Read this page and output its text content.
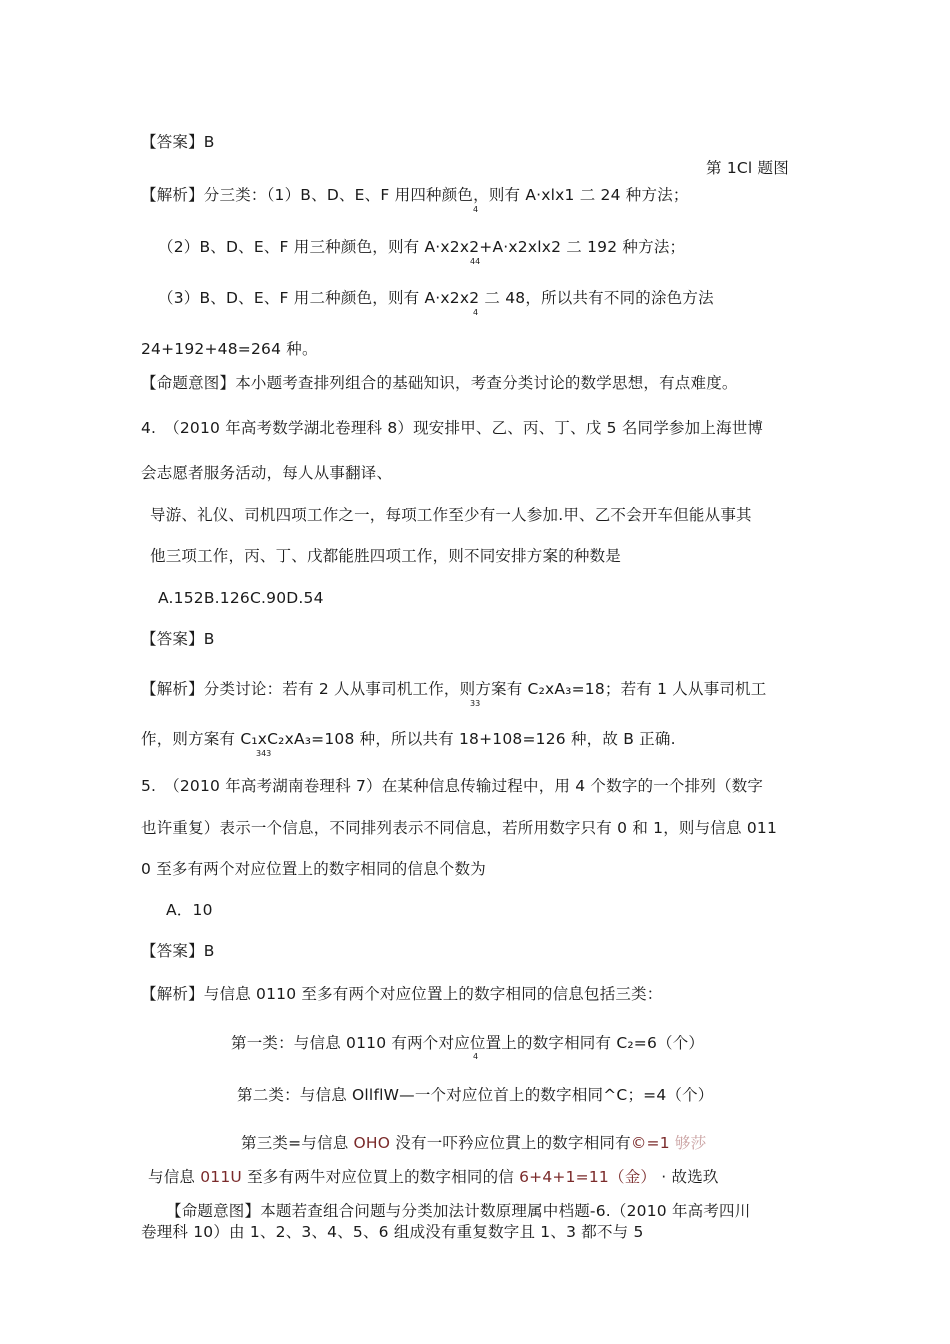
第 1Cl 题图
【答案】B
【解析】分三类：（1）B、D、E、F 用四种颜色，则有 A·xlx1 二 24 种方法；
4
（2）B、D、E、F 用三种颜色，则有 A·x2x2+A·x2xlx2 二 192 种方法；
44
（3）B、D、E、F 用二种颜色，则有 A·x2x2 二 48，所以共有不同的涂色方法
4
24+192+48=264 种。
【命题意图】本小题考查排列组合的基础知识，考查分类讨论的数学思想，有点难度。
4.　（2010 年高考数学湖北卷理科 8）现安排甲、乙、丙、丁、戊 5 名同学参加上海世博
会志愿者服务活动，每人从事翻译、
导游、礼仪、司机四项工作之一，每项工作至少有一人参加.甲、乙不会开车但能从事其
他三项工作，丙、丁、戊都能胜四项工作，则不同安排方案的种数是
A.152B.126C.90D.54
【答案】B
【解析】分类讨论：若有 2 人从事司机工作，则方案有 C₂xA₃=18；若有 1 人从事司机工
33
作，则方案有 C₁xC₂xA₃=108 种，所以共有 18+108=126 种，故 B 正确.
343
5.　（2010 年高考湖南卷理科 7）在某种信息传输过程中，用 4 个数字的一个排列（数字
也许重复）表示一个信息，不同排列表示不同信息，若所用数字只有 0 和 1，则与信息 011
0 至多有两个对应位置上的数字相同的信息个数为
A．10
【答案】B
【解析】与信息 0110 至多有两个对应位置上的数字相同的信息包括三类：
第一类：与信息 0110 有两个对应位置上的数字相同有 C₂=6（个）
4
第二类：与信息 OllflW—一个对应位首上的数字相同^C；=4（个）
第三类=与信息 OHO 没有一吓矜应位貫上的数字相同有©=1 够莎
与信息 011U 至多有两牛对应位買上的数字相同的信 6+4+1=11（金） · 故选玖
【命题意图】本题若查组合问题与分类加法计数原理属中档题-6.（2010 年高考四川
卷理科 10）由 1、2、3、4、5、6 组成没有重复数字且 1、3 都不与 5
